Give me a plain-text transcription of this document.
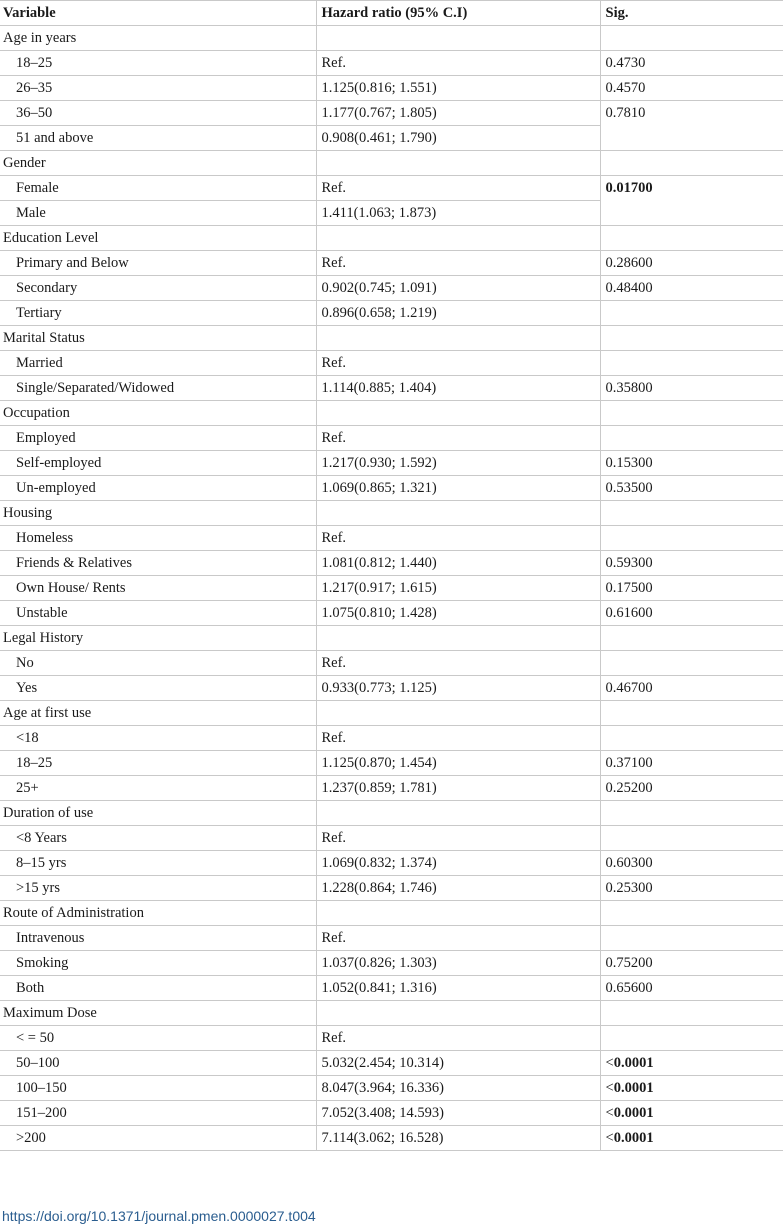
Variable	Hazard ratio (95% C.I)	Sig.
Age in years		
18–25	Ref.	0.4730
26–35	1.125(0.816; 1.551)	0.4570
36–50	1.177(0.767; 1.805)	0.7810
51 and above	0.908(0.461; 1.790)	
Gender		
Female	Ref.	0.01700
Male	1.411(1.063; 1.873)	
Education Level		
Primary and Below	Ref.	0.28600
Secondary	0.902(0.745; 1.091)	0.48400
Tertiary	0.896(0.658; 1.219)	
Marital Status		
Married	Ref.	
Single/Separated/Widowed	1.114(0.885; 1.404)	0.35800
Occupation		
Employed	Ref.	
Self-employed	1.217(0.930; 1.592)	0.15300
Un-employed	1.069(0.865; 1.321)	0.53500
Housing		
Homeless	Ref.	
Friends & Relatives	1.081(0.812; 1.440)	0.59300
Own House/ Rents	1.217(0.917; 1.615)	0.17500
Unstable	1.075(0.810; 1.428)	0.61600
Legal History		
No	Ref.	
Yes	0.933(0.773; 1.125)	0.46700
Age at first use		
<18	Ref.	
18–25	1.125(0.870; 1.454)	0.37100
25+	1.237(0.859; 1.781)	0.25200
Duration of use		
<8 Years	Ref.	
8–15 yrs	1.069(0.832; 1.374)	0.60300
>15 yrs	1.228(0.864; 1.746)	0.25300
Route of Administration		
Intravenous	Ref.	
Smoking	1.037(0.826; 1.303)	0.75200
Both	1.052(0.841; 1.316)	0.65600
Maximum Dose		
< = 50	Ref.	
50–100	5.032(2.454; 10.314)	<0.0001
100–150	8.047(3.964; 16.336)	<0.0001
151–200	7.052(3.408; 14.593)	<0.0001
>200	7.114(3.062; 16.528)	<0.0001
https://doi.org/10.1371/journal.pmen.0000027.t004
